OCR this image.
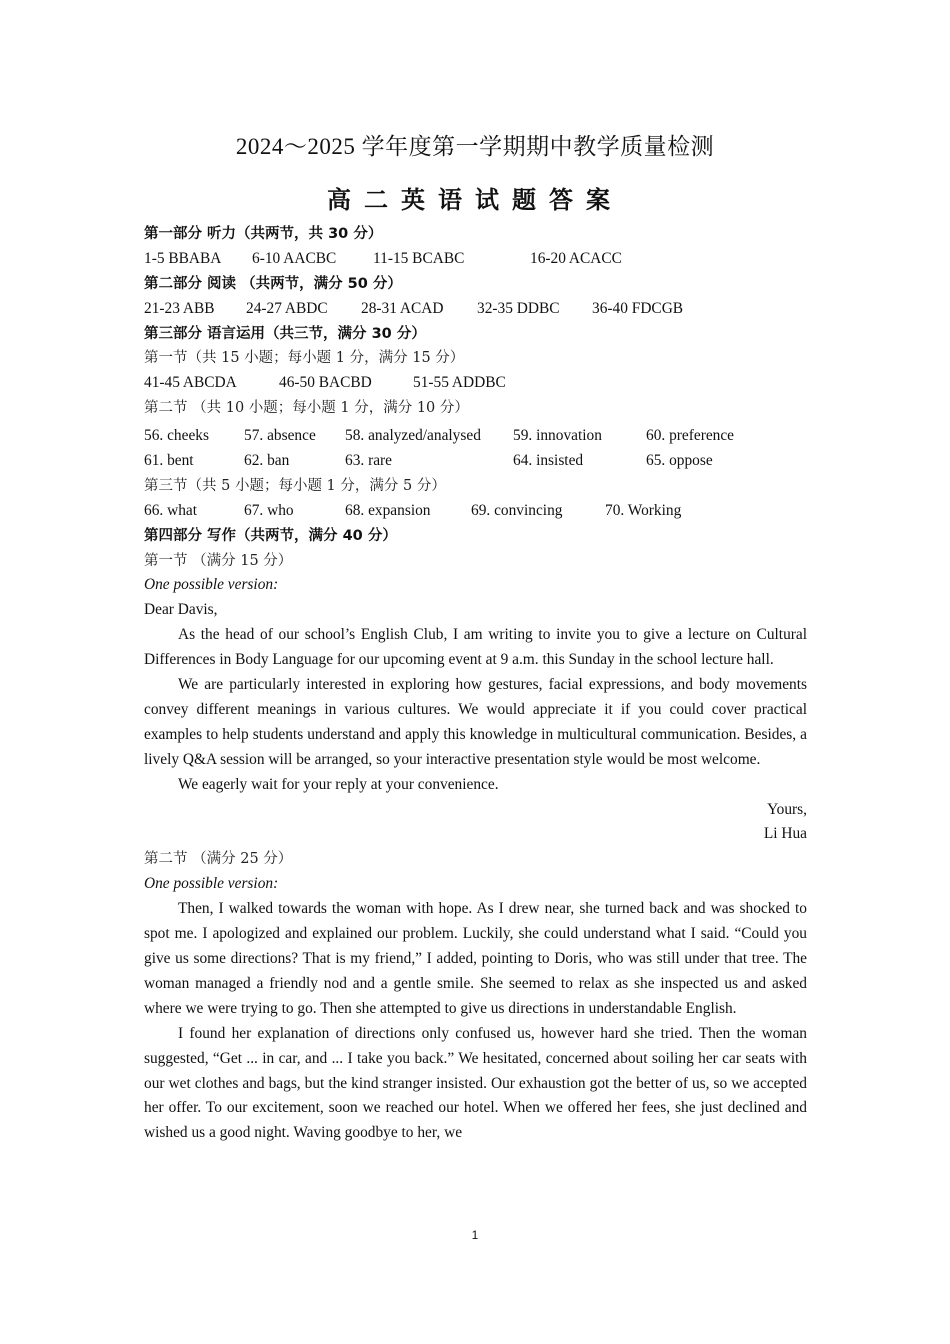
2024～2025 学年度第一学期期中教学质量检测
高二英语试题答案
第一部分 听力（共两节，共 30 分）
1-5 BBABA	6-10 AACBC	11-15 BCABC	16-20 ACACC
第二部分 阅读 （共两节，满分 50 分）
21-23 ABB	24-27 ABDC	28-31 ACAD	32-35 DDBC	36-40 FDCGB
第三部分 语言运用（共三节，满分 30 分）
第一节（共 15 小题；每小题 1 分，满分 15 分）
41-45 ABCDA	46-50 BACBD	51-55 ADDBC
第二节 （共 10 小题；每小题 1 分，满分 10 分）
56. cheeks	57. absence	58. analyzed/analysed	59. innovation	60. preference
61. bent	62. ban	63. rare	64. insisted	65. oppose
第三节（共 5 小题；每小题 1 分，满分 5 分）
66. what	67. who	68. expansion	69. convincing	70. Working
第四部分 写作（共两节，满分 40 分）
第一节 （满分 15 分）
One possible version:
Dear Davis,

As the head of our school’s English Club, I am writing to invite you to give a lecture on Cultural Differences in Body Language for our upcoming event at 9 a.m. this Sunday in the school lecture hall.

We are particularly interested in exploring how gestures, facial expressions, and body movements convey different meanings in various cultures. We would appreciate it if you could cover practical examples to help students understand and apply this knowledge in multicultural communication. Besides, a lively Q&A session will be arranged, so your interactive presentation style would be most welcome.

We eagerly wait for your reply at your convenience.

Yours,
Li Hua
第二节 （满分 25 分）
One possible version:

Then, I walked towards the woman with hope. As I drew near, she turned back and was shocked to spot me. I apologized and explained our problem. Luckily, she could understand what I said. “Could you give us some directions? That is my friend,” I added, pointing to Doris, who was still under that tree. The woman managed a friendly nod and a gentle smile. She seemed to relax as she inspected us and asked where we were trying to go. Then she attempted to give us directions in understandable English.

I found her explanation of directions only confused us, however hard she tried. Then the woman suggested, “Get ... in car, and ... I take you back.” We hesitated, concerned about soiling her car seats with our wet clothes and bags, but the kind stranger insisted. Our exhaustion got the better of us, so we accepted her offer. To our excitement, soon we reached our hotel. When we offered her fees, she just declined and wished us a good night. Waving goodbye to her, we

1
